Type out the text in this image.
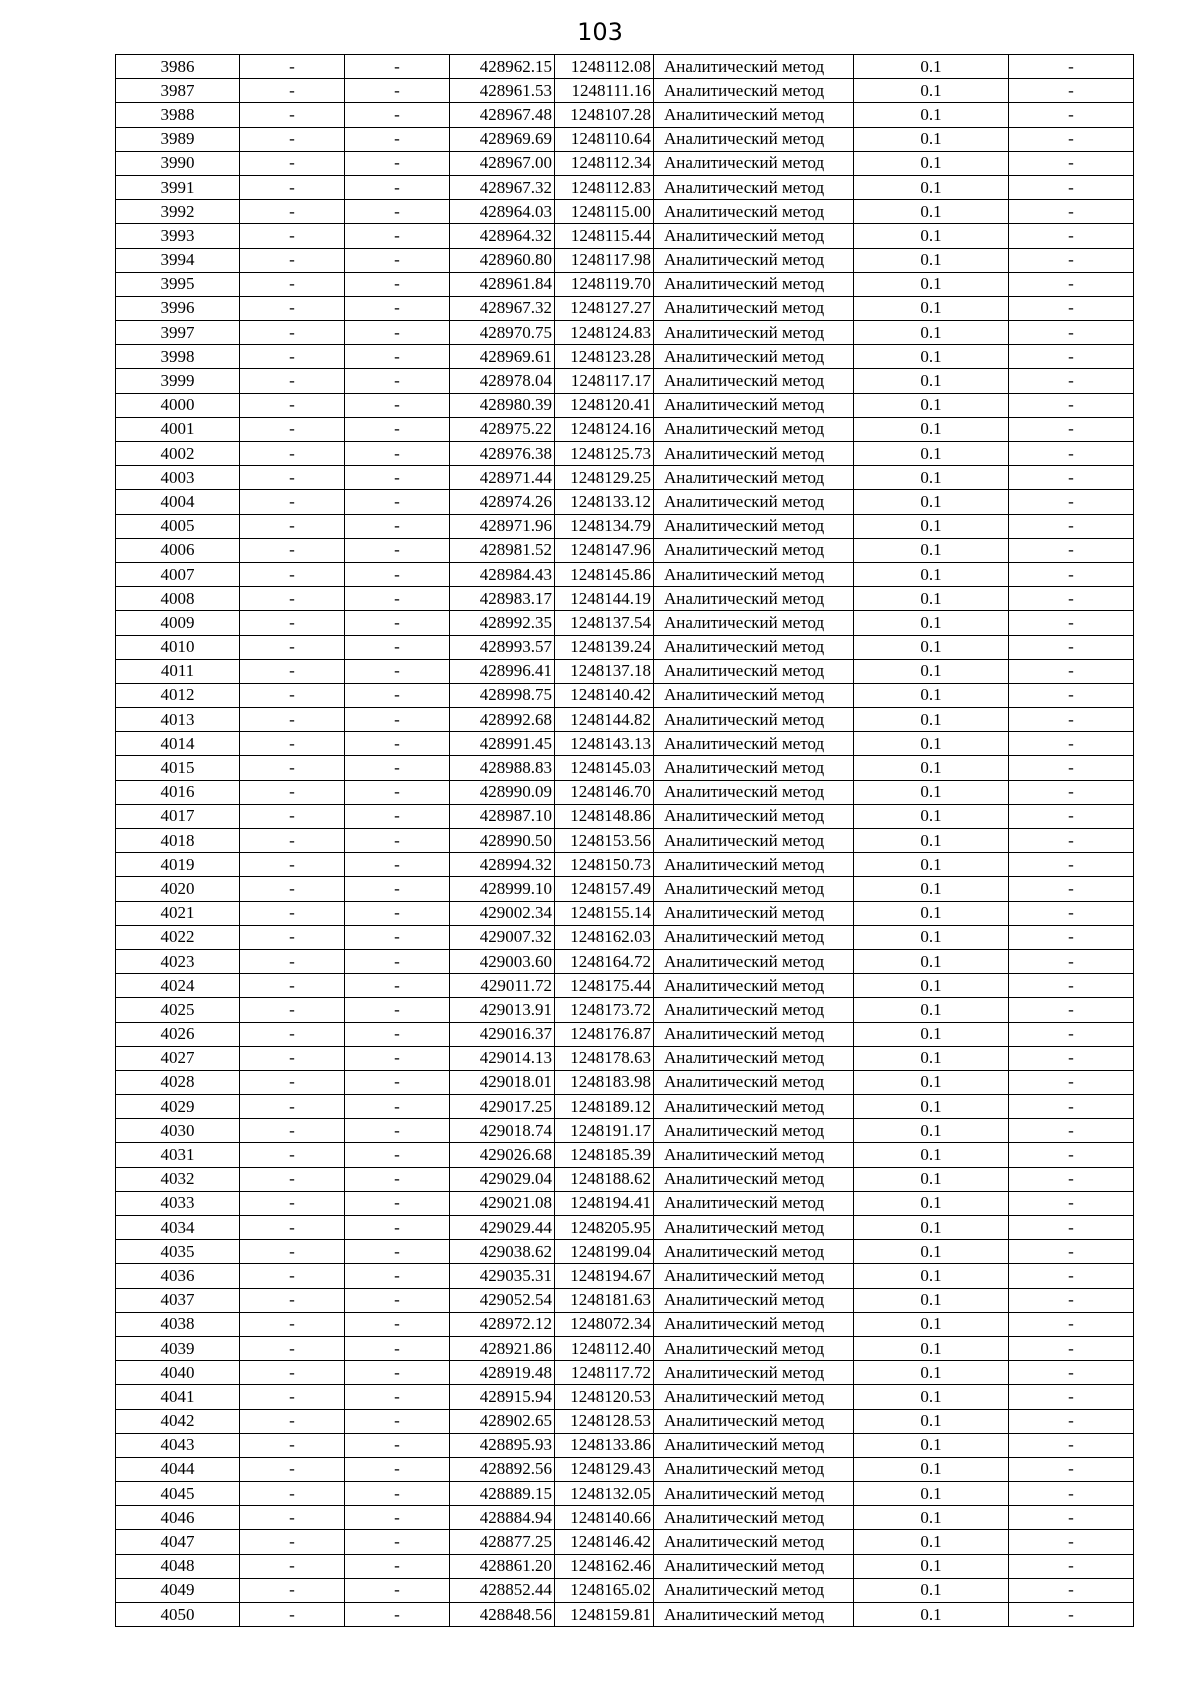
103
3986	-	-	428962.15	1248112.08	Аналитический метод	0.1	-
3987	-	-	428961.53	1248111.16	Аналитический метод	0.1	-
3988	-	-	428967.48	1248107.28	Аналитический метод	0.1	-
3989	-	-	428969.69	1248110.64	Аналитический метод	0.1	-
3990	-	-	428967.00	1248112.34	Аналитический метод	0.1	-
3991	-	-	428967.32	1248112.83	Аналитический метод	0.1	-
3992	-	-	428964.03	1248115.00	Аналитический метод	0.1	-
3993	-	-	428964.32	1248115.44	Аналитический метод	0.1	-
3994	-	-	428960.80	1248117.98	Аналитический метод	0.1	-
3995	-	-	428961.84	1248119.70	Аналитический метод	0.1	-
3996	-	-	428967.32	1248127.27	Аналитический метод	0.1	-
3997	-	-	428970.75	1248124.83	Аналитический метод	0.1	-
3998	-	-	428969.61	1248123.28	Аналитический метод	0.1	-
3999	-	-	428978.04	1248117.17	Аналитический метод	0.1	-
4000	-	-	428980.39	1248120.41	Аналитический метод	0.1	-
4001	-	-	428975.22	1248124.16	Аналитический метод	0.1	-
4002	-	-	428976.38	1248125.73	Аналитический метод	0.1	-
4003	-	-	428971.44	1248129.25	Аналитический метод	0.1	-
4004	-	-	428974.26	1248133.12	Аналитический метод	0.1	-
4005	-	-	428971.96	1248134.79	Аналитический метод	0.1	-
4006	-	-	428981.52	1248147.96	Аналитический метод	0.1	-
4007	-	-	428984.43	1248145.86	Аналитический метод	0.1	-
4008	-	-	428983.17	1248144.19	Аналитический метод	0.1	-
4009	-	-	428992.35	1248137.54	Аналитический метод	0.1	-
4010	-	-	428993.57	1248139.24	Аналитический метод	0.1	-
4011	-	-	428996.41	1248137.18	Аналитический метод	0.1	-
4012	-	-	428998.75	1248140.42	Аналитический метод	0.1	-
4013	-	-	428992.68	1248144.82	Аналитический метод	0.1	-
4014	-	-	428991.45	1248143.13	Аналитический метод	0.1	-
4015	-	-	428988.83	1248145.03	Аналитический метод	0.1	-
4016	-	-	428990.09	1248146.70	Аналитический метод	0.1	-
4017	-	-	428987.10	1248148.86	Аналитический метод	0.1	-
4018	-	-	428990.50	1248153.56	Аналитический метод	0.1	-
4019	-	-	428994.32	1248150.73	Аналитический метод	0.1	-
4020	-	-	428999.10	1248157.49	Аналитический метод	0.1	-
4021	-	-	429002.34	1248155.14	Аналитический метод	0.1	-
4022	-	-	429007.32	1248162.03	Аналитический метод	0.1	-
4023	-	-	429003.60	1248164.72	Аналитический метод	0.1	-
4024	-	-	429011.72	1248175.44	Аналитический метод	0.1	-
4025	-	-	429013.91	1248173.72	Аналитический метод	0.1	-
4026	-	-	429016.37	1248176.87	Аналитический метод	0.1	-
4027	-	-	429014.13	1248178.63	Аналитический метод	0.1	-
4028	-	-	429018.01	1248183.98	Аналитический метод	0.1	-
4029	-	-	429017.25	1248189.12	Аналитический метод	0.1	-
4030	-	-	429018.74	1248191.17	Аналитический метод	0.1	-
4031	-	-	429026.68	1248185.39	Аналитический метод	0.1	-
4032	-	-	429029.04	1248188.62	Аналитический метод	0.1	-
4033	-	-	429021.08	1248194.41	Аналитический метод	0.1	-
4034	-	-	429029.44	1248205.95	Аналитический метод	0.1	-
4035	-	-	429038.62	1248199.04	Аналитический метод	0.1	-
4036	-	-	429035.31	1248194.67	Аналитический метод	0.1	-
4037	-	-	429052.54	1248181.63	Аналитический метод	0.1	-
4038	-	-	428972.12	1248072.34	Аналитический метод	0.1	-
4039	-	-	428921.86	1248112.40	Аналитический метод	0.1	-
4040	-	-	428919.48	1248117.72	Аналитический метод	0.1	-
4041	-	-	428915.94	1248120.53	Аналитический метод	0.1	-
4042	-	-	428902.65	1248128.53	Аналитический метод	0.1	-
4043	-	-	428895.93	1248133.86	Аналитический метод	0.1	-
4044	-	-	428892.56	1248129.43	Аналитический метод	0.1	-
4045	-	-	428889.15	1248132.05	Аналитический метод	0.1	-
4046	-	-	428884.94	1248140.66	Аналитический метод	0.1	-
4047	-	-	428877.25	1248146.42	Аналитический метод	0.1	-
4048	-	-	428861.20	1248162.46	Аналитический метод	0.1	-
4049	-	-	428852.44	1248165.02	Аналитический метод	0.1	-
4050	-	-	428848.56	1248159.81	Аналитический метод	0.1	-
